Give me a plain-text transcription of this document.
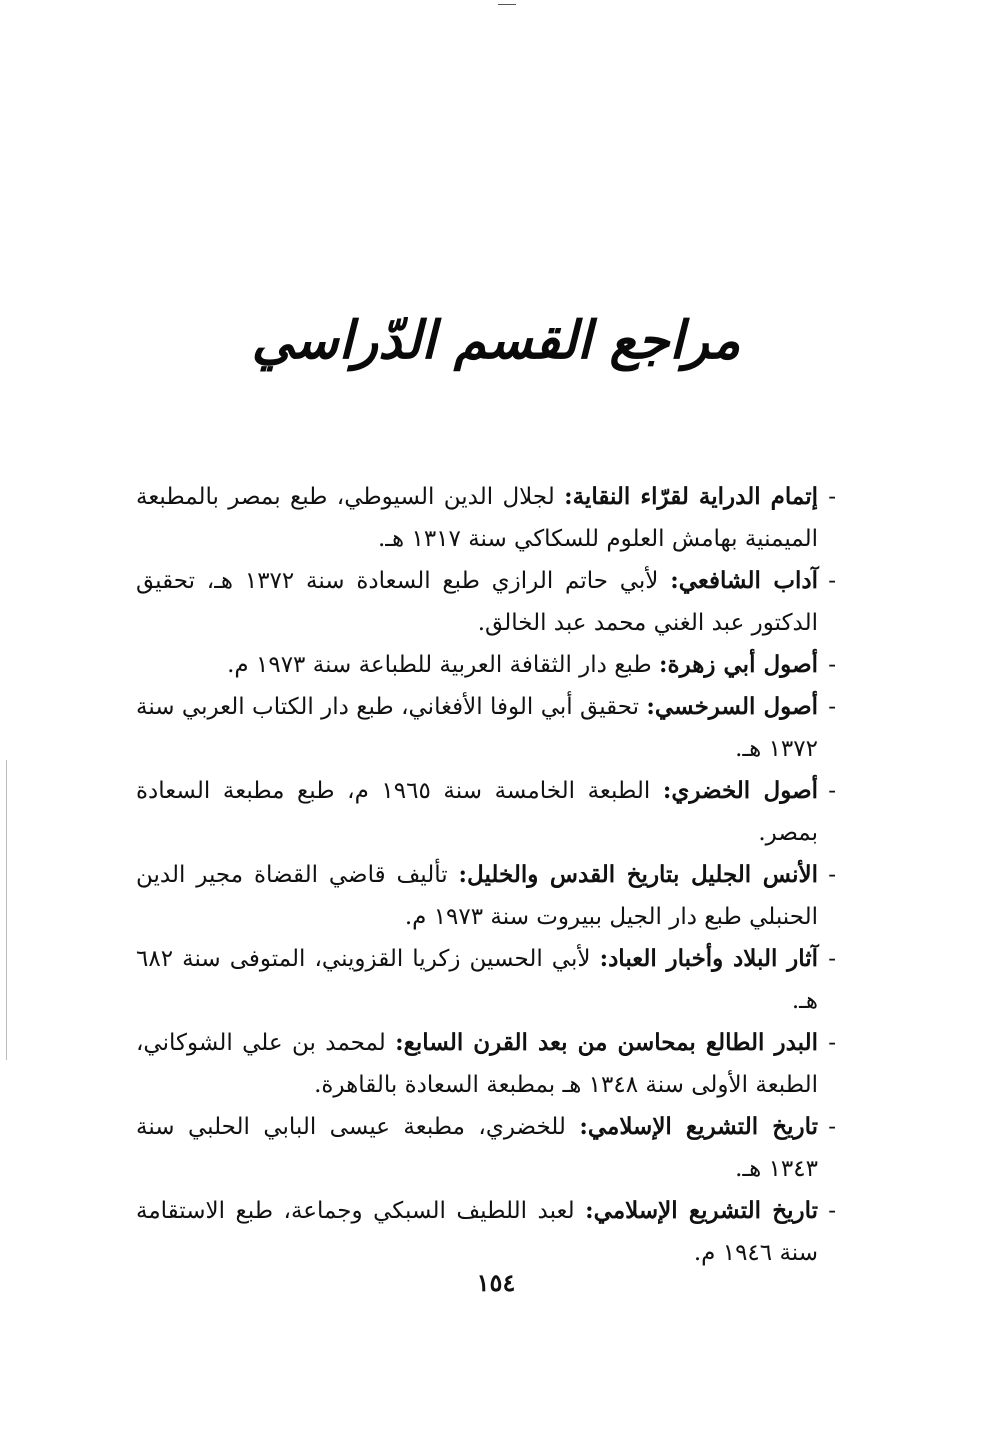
مراجع القسم الدّراسي
-إتمام الدراية لقرّاء النقاية: لجلال الدين السيوطي، طبع بمصر بالمطبعة الميمنية بهامش العلوم للسكاكي سنة ١٣١٧ هـ.
-آداب الشافعي: لأبي حاتم الرازي طبع السعادة سنة ١٣٧٢ هـ، تحقيق الدكتور عبد الغني محمد عبد الخالق.
-أصول أبي زهرة: طبع دار الثقافة العربية للطباعة سنة ١٩٧٣ م.
-أصول السرخسي: تحقيق أبي الوفا الأفغاني، طبع دار الكتاب العربي سنة ١٣٧٢ هـ.
-أصول الخضري: الطبعة الخامسة سنة ١٩٦٥ م، طبع مطبعة السعادة بمصر.
-الأنس الجليل بتاريخ القدس والخليل: تأليف قاضي القضاة مجير الدين الحنبلي طبع دار الجيل ببيروت سنة ١٩٧٣ م.
-آثار البلاد وأخبار العباد: لأبي الحسين زكريا القزويني، المتوفى سنة ٦٨٢ هـ.
-البدر الطالع بمحاسن من بعد القرن السابع: لمحمد بن علي الشوكاني، الطبعة الأولى سنة ١٣٤٨ هـ بمطبعة السعادة بالقاهرة.
-تاريخ التشريع الإسلامي: للخضري، مطبعة عيسى البابي الحلبي سنة ١٣٤٣ هـ.
-تاريخ التشريع الإسلامي: لعبد اللطيف السبكي وجماعة، طبع الاستقامة سنة ١٩٤٦ م.
١٥٤
